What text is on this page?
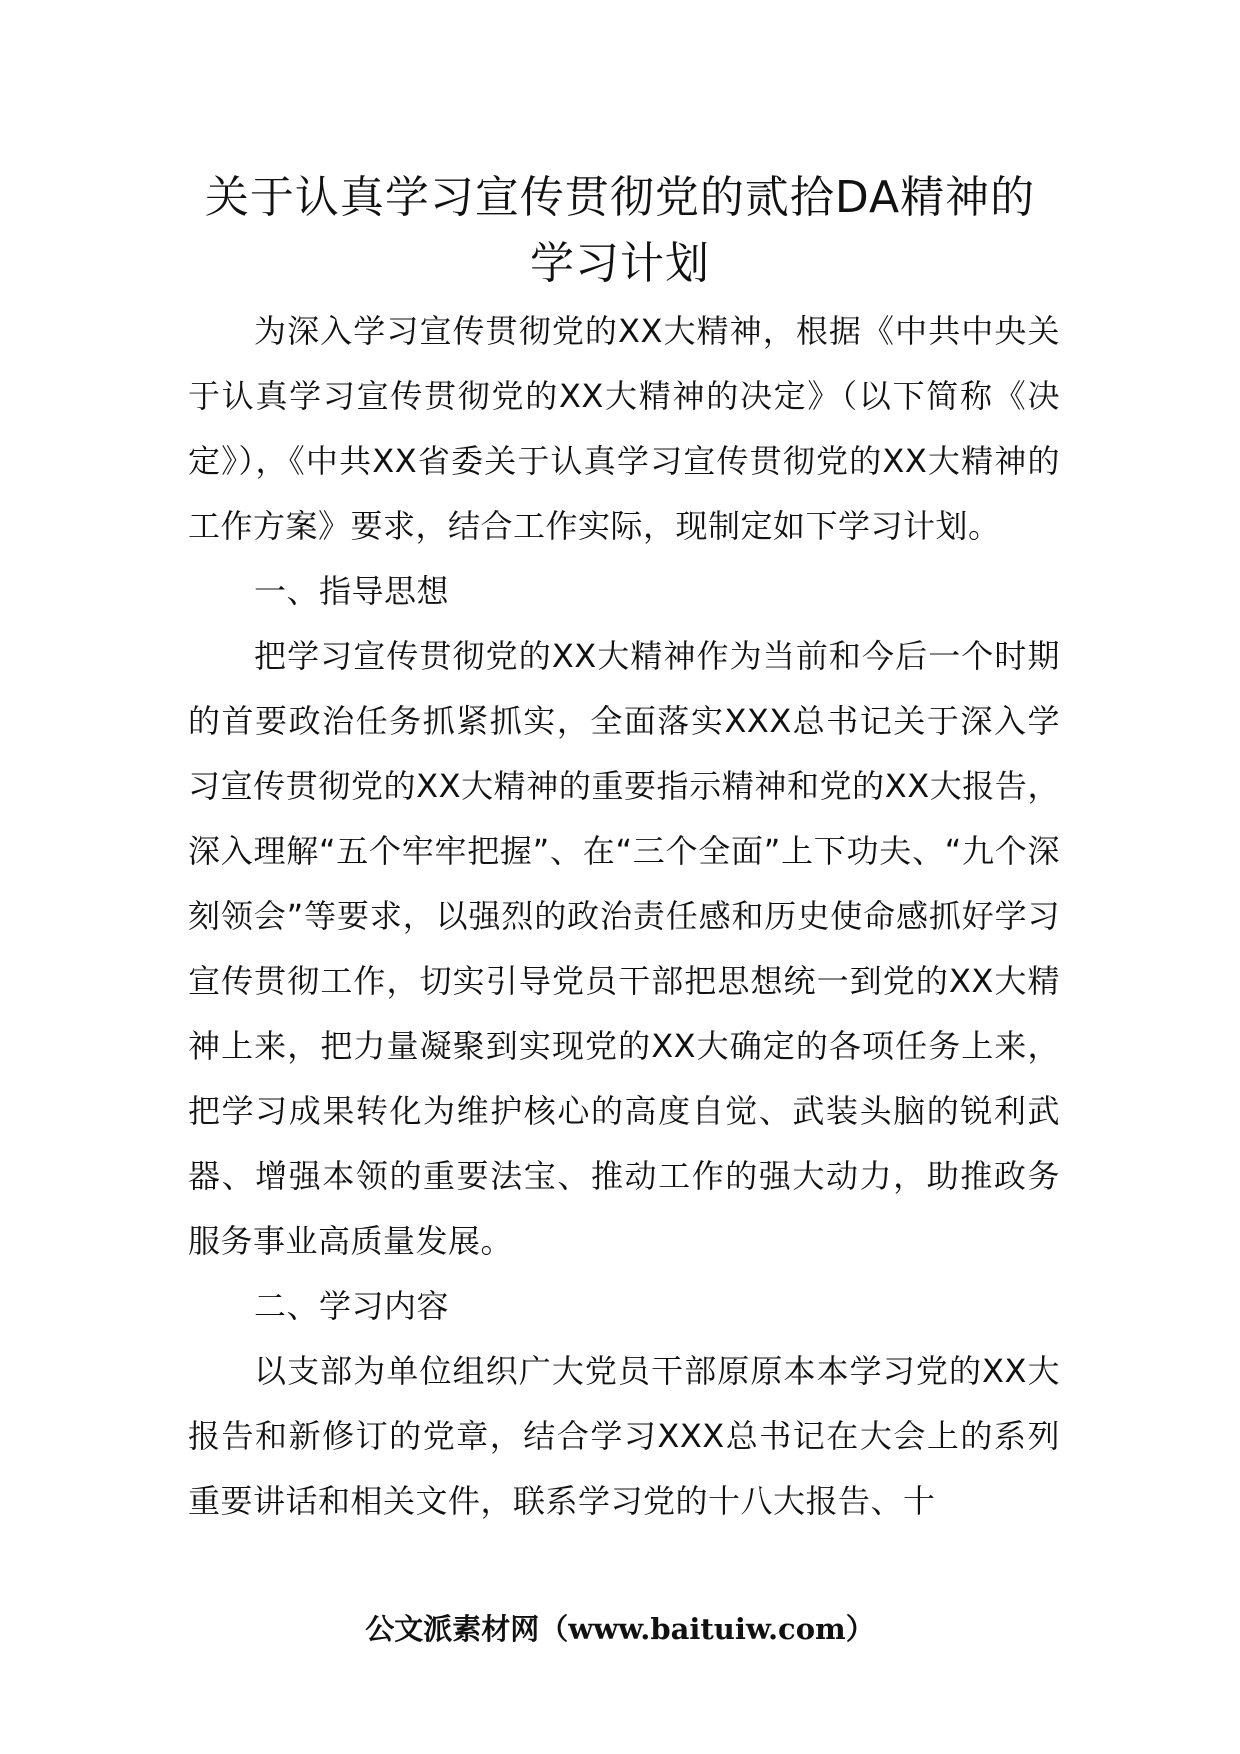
关于认真学习宣传贯彻党的贰拾DA精神的
学习计划

为深入学习宣传贯彻党的XX大精神，根据《中共中央关于认真学习宣传贯彻党的XX大精神的决定》（以下简称《决定》），《中共XX省委关于认真学习宣传贯彻党的XX大精神的工作方案》要求，结合工作实际，现制定如下学习计划。

一、指导思想

把学习宣传贯彻党的XX大精神作为当前和今后一个时期的首要政治任务抓紧抓实，全面落实XXX总书记关于深入学习宣传贯彻党的XX大精神的重要指示精神和党的XX大报告，深入理解“五个牢牢把握”、在“三个全面”上下功夫、“九个深刻领会”等要求，以强烈的政治责任感和历史使命感抓好学习宣传贯彻工作，切实引导党员干部把思想统一到党的XX大精神上来，把力量凝聚到实现党的XX大确定的各项任务上来，把学习成果转化为维护核心的高度自觉、武装头脑的锐利武器、增强本领的重要法宝、推动工作的强大动力，助推政务服务事业高质量发展。

二、学习内容

以支部为单位组织广大党员干部原原本本学习党的XX大报告和新修订的党章，结合学习XXX总书记在大会上的系列重要讲话和相关文件，联系学习党的十八大报告、十

公文派素材网（www.baituiw.com）
